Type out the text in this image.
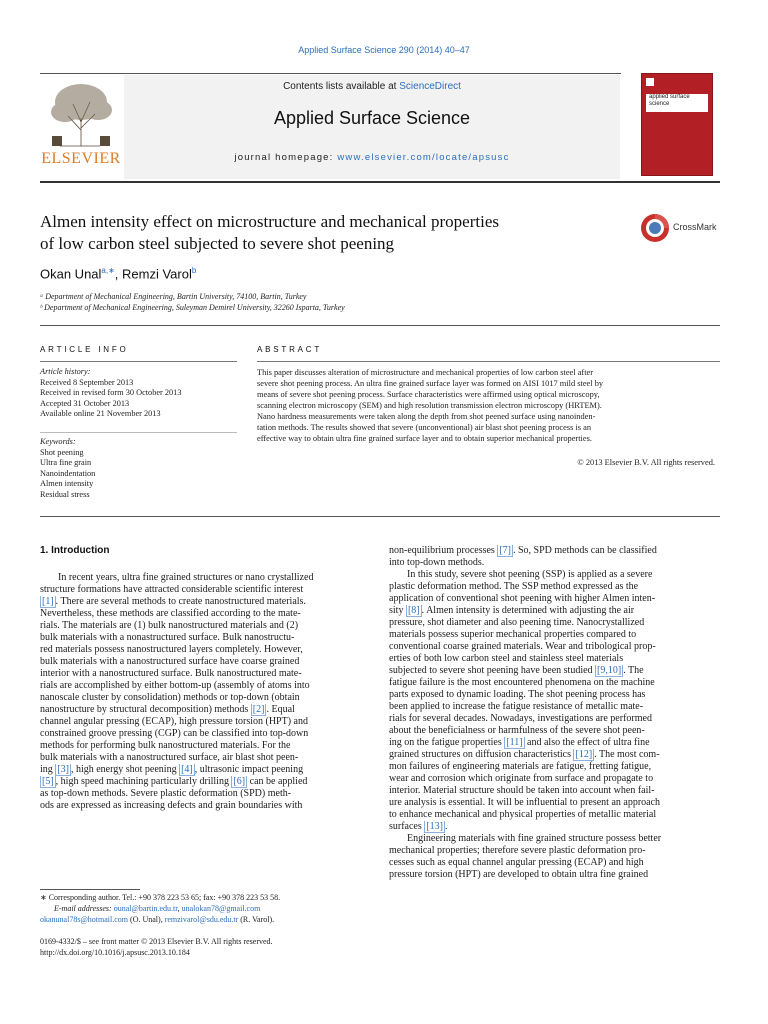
Applied Surface Science 290 (2014) 40–47
ELSEVIER
Contents lists available at ScienceDirect
Applied Surface Science
journal homepage: www.elsevier.com/locate/apsusc
applied surface science
Almen intensity effect on microstructure and mechanical properties
of low carbon steel subjected to severe shot peening
CrossMark
Okan Unal$^{a,∗}$, Remzi Varol$^b$
ᵃ Department of Mechanical Engineering, Bartin University, 74100, Bartin, Turkey
ᵇ Department of Mechanical Engineering, Suleyman Demirel University, 32260 Isparta, Turkey
ARTICLE INFO
Article history:
Received 8 September 2013
Received in revised form 30 October 2013
Accepted 31 October 2013
Available online 21 November 2013
Keywords:
Shot peening
Ultra fine grain
Nanoindentation
Almen intensity
Residual stress
ABSTRACT
This paper discusses alteration of microstructure and mechanical properties of low carbon steel after
severe shot peening process. An ultra fine grained surface layer was formed on AISI 1017 mild steel by
means of severe shot peening process. Surface characteristics were affirmed using optical microscopy,
scanning electron microscopy (SEM) and high resolution transmission electron microscopy (HRTEM).
Nano hardness measurements were taken along the depth from shot peened surface using nanoinden-
tation methods. The results showed that severe (unconventional) air blast shot peening process is an
effective way to obtain ultra fine grained surface layer and to obtain superior mechanical properties.
© 2013 Elsevier B.V. All rights reserved.
1. Introduction
In recent years, ultra fine grained structures or nano crystallized
structure formations have attracted considerable scientific interest
[1] . There are several methods to create nanostructured materials.
Nevertheless, these methods are classified according to the mate-
rials. The materials are (1) bulk nanostructured materials and (2)
bulk materials with a nonastructured surface. Bulk nanostructu-
red materials possess nanostructured layers completely. However,
bulk materials with a nanostructured surface have coarse grained
interior with a nanostructured surface. Bulk nanostructured mate-
rials are accomplished by either bottom-up (assembly of atoms into
nanoscale cluster by consolidation) methods or top-down (obtain
nanostructure by structural decomposition) methods [2] . Equal
channel angular pressing (ECAP), high pressure torsion (HPT) and
constrained groove pressing (CGP) can be classified into top-down
methods for performing bulk nanostructured materials. For the
bulk materials with a nanostructured surface, air blast shot peen-
ing [3] , high energy shot peening [4] , ultrasonic impact peening
[5] , high speed machining particularly drilling [6] can be applied
as top-down methods. Severe plastic deformation (SPD) meth-
ods are expressed as increasing defects and grain boundaries with
non-equilibrium processes [7] . So, SPD methods can be classified
into top-down methods.
In this study, severe shot peening (SSP) is applied as a severe
plastic deformation method. The SSP method expressed as the
application of conventional shot peening with higher Almen inten-
sity [8] . Almen intensity is determined with adjusting the air
pressure, shot diameter and also peening time. Nanocrystallized
materials possess superior mechanical properties compared to
conventional coarse grained materials. Wear and tribological prop-
erties of both low carbon steel and stainless steel materials
subjected to severe shot peening have been studied [9,10] . The
fatigue failure is the most encountered phenomena on the machine
parts exposed to dynamic loading. The shot peening process has
been applied to increase the fatigue resistance of metallic mate-
rials for several decades. Nowadays, investigations are performed
about the beneficialness or harmfulness of the severe shot peen-
ing on the fatigue properties [11] and also the effect of ultra fine
grained structures on diffusion characteristics [12] . The most com-
mon failures of engineering materials are fatigue, fretting fatigue,
wear and corrosion which originate from surface and propagate to
interior. Material structure should be taken into account when fail-
ure analysis is essential. It will be influential to present an approach
to enhance mechanical and physical properties of metallic material
surfaces [13] .
Engineering materials with fine grained structure possess better
mechanical properties; therefore severe plastic deformation pro-
cesses such as equal channel angular pressing (ECAP) and high
pressure torsion (HPT) are developed to obtain ultra fine grained
∗ Corresponding author. Tel.: +90 378 223 53 65; fax: +90 378 223 53 58.
E-mail addresses: ounal@bartin.edu.tr, unalokan78@gmail.com
okanunal78s@hotmail.com (O. Unal), remzivarol@sdu.edu.tr (R. Varol).
0169-4332/$ – see front matter © 2013 Elsevier B.V. All rights reserved.
http://dx.doi.org/10.1016/j.apsusc.2013.10.184
